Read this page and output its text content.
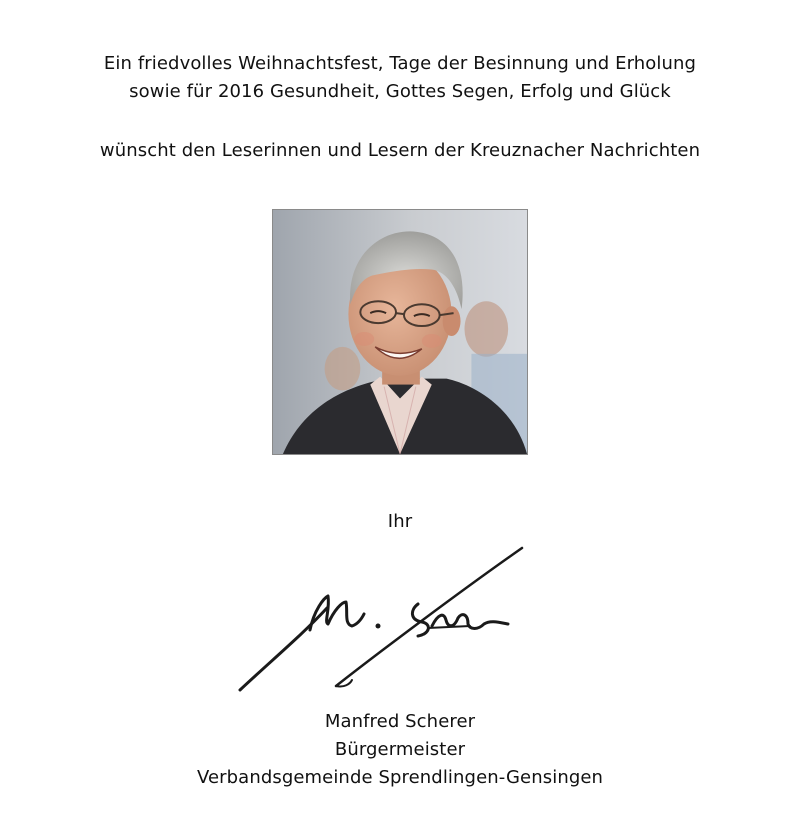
Ein friedvolles Weihnachtsfest, Tage der Besinnung und Erholung
sowie für 2016 Gesundheit, Gottes Segen, Erfolg und Glück
wünscht den Leserinnen und Lesern der Kreuznacher Nachrichten
Ihr
Manfred Scherer
Bürgermeister
Verbandsgemeinde Sprendlingen-Gensingen
